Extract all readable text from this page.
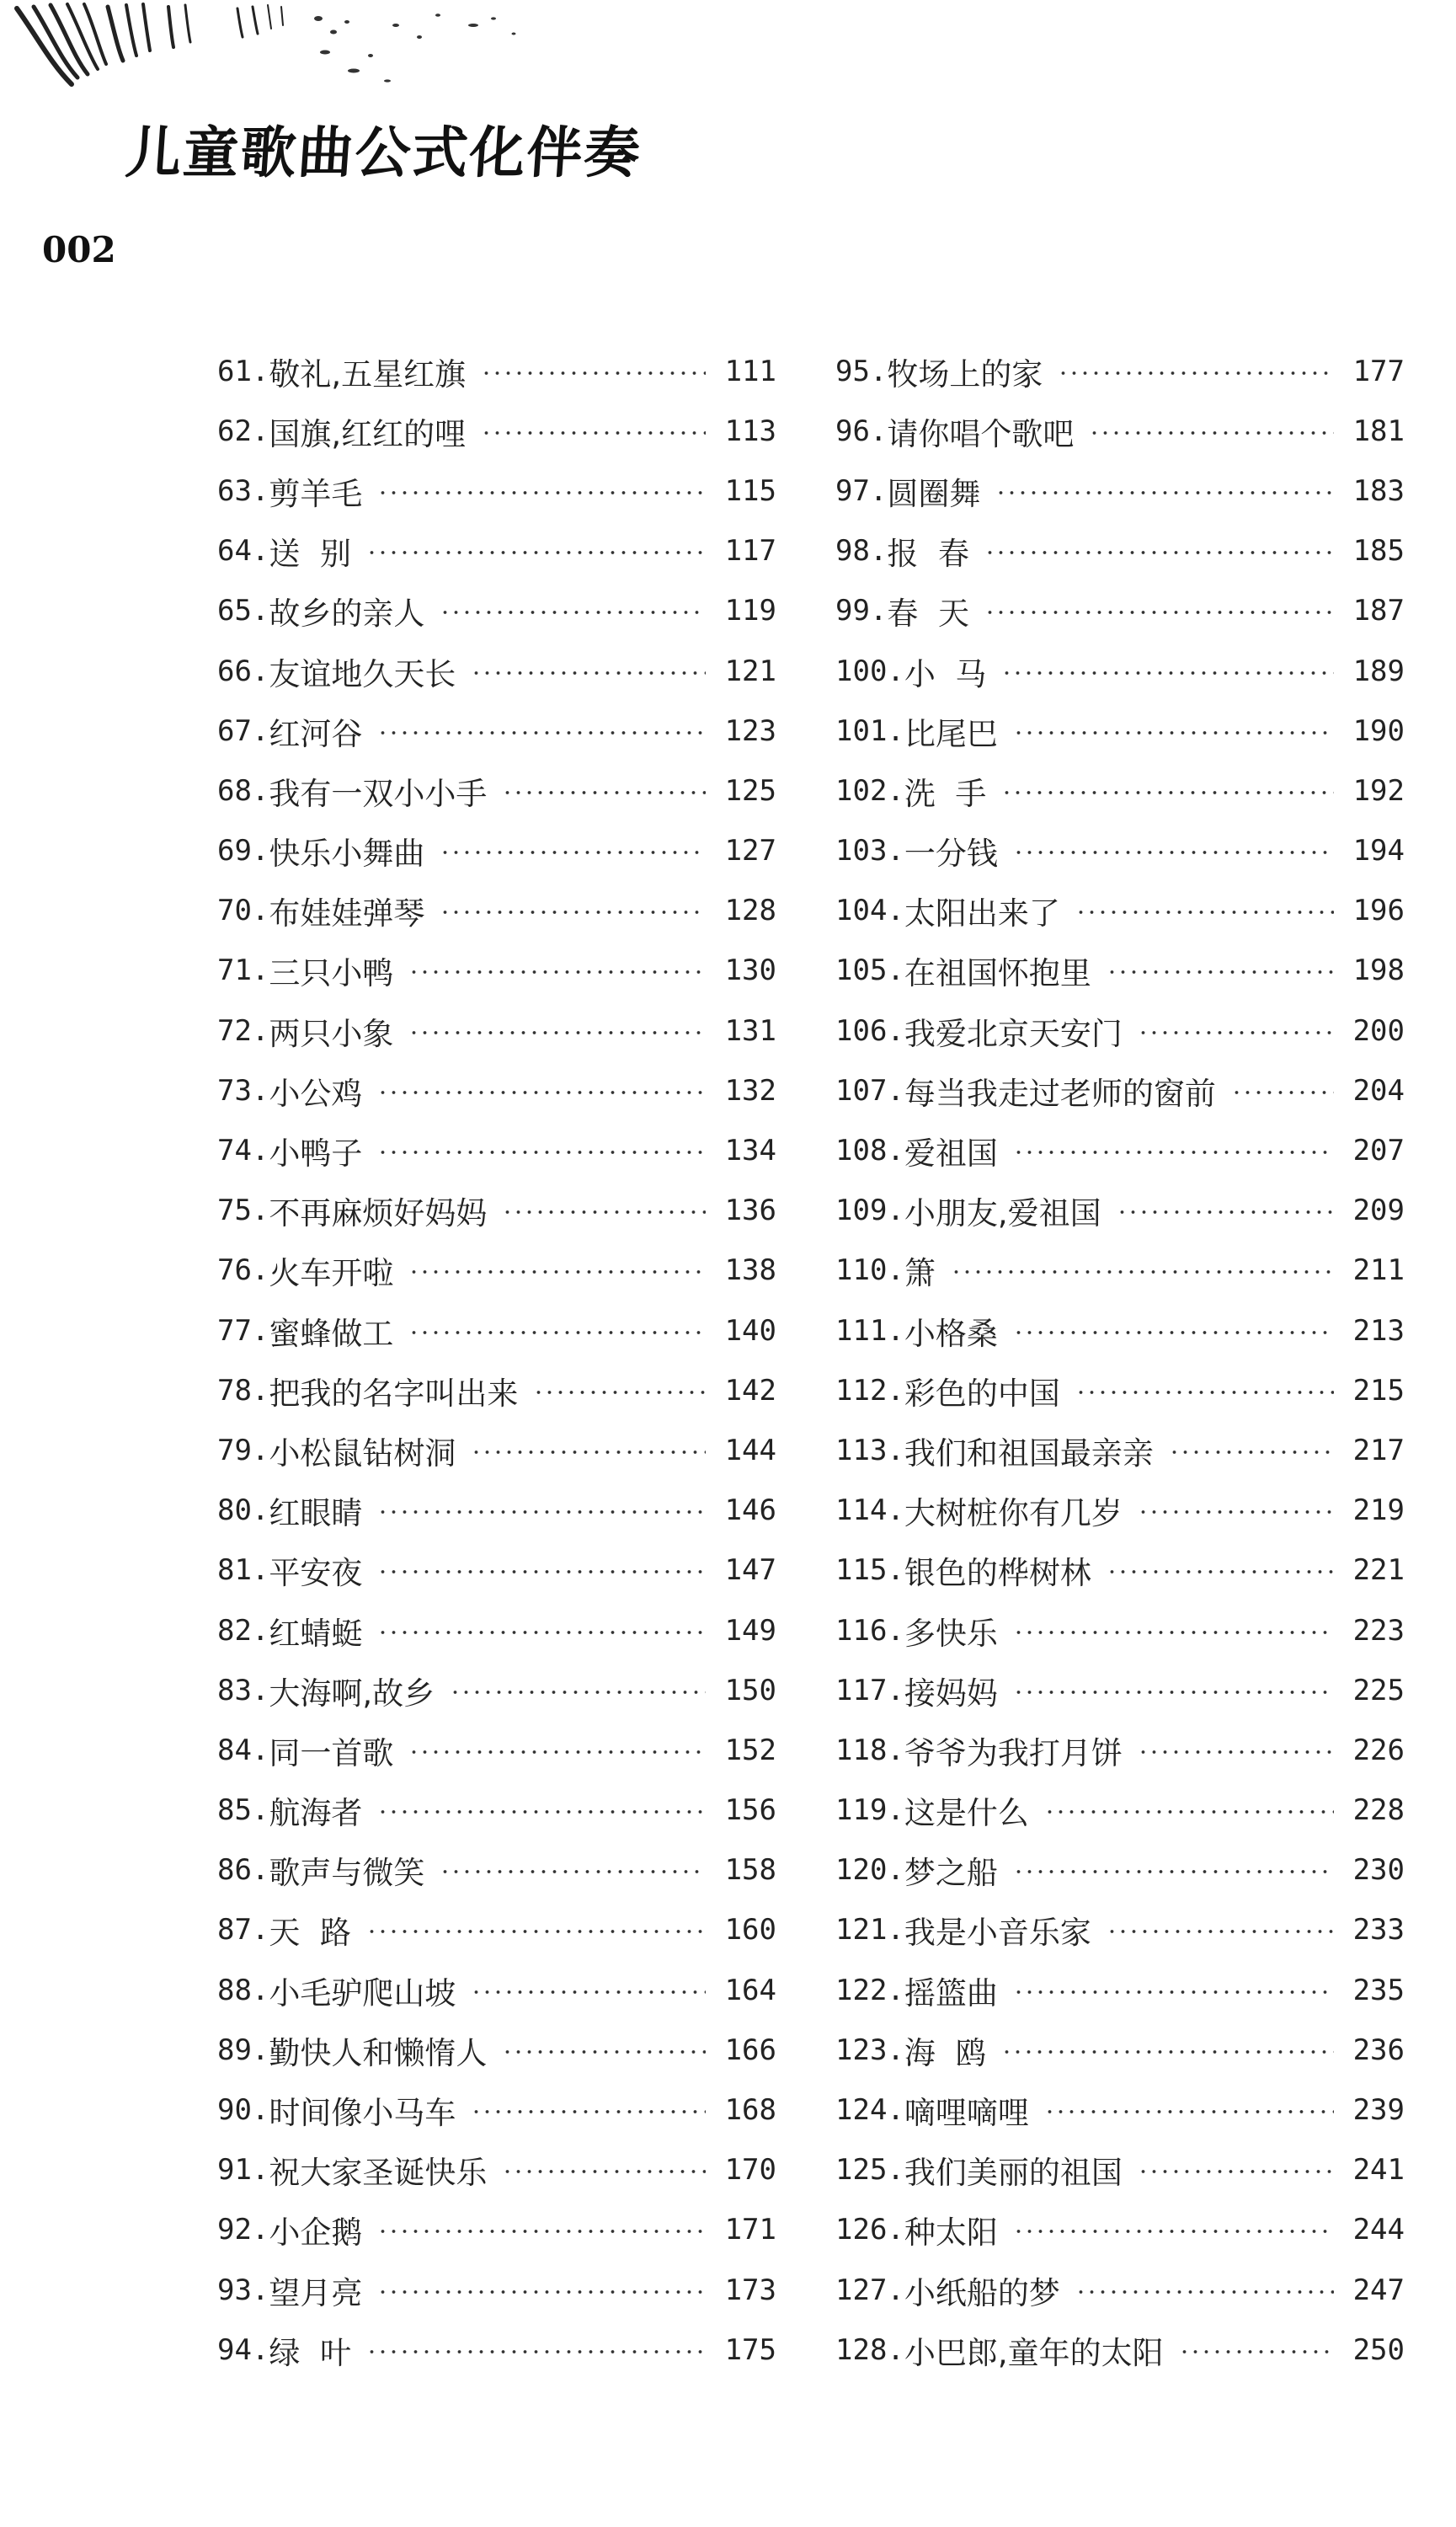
儿童歌曲公式化伴奏
002
61. 敬礼,五星红旗	111
62. 国旗,红红的哩	113
63. 剪羊毛	115
64. 送  别	117
65. 故乡的亲人	119
66. 友谊地久天长	121
67. 红河谷	123
68. 我有一双小小手	125
69. 快乐小舞曲	127
70. 布娃娃弹琴	128
71. 三只小鸭	130
72. 两只小象	131
73. 小公鸡	132
74. 小鸭子	134
75. 不再麻烦好妈妈	136
76. 火车开啦	138
77. 蜜蜂做工	140
78. 把我的名字叫出来	142
79. 小松鼠钻树洞	144
80. 红眼睛	146
81. 平安夜	147
82. 红蜻蜓	149
83. 大海啊,故乡	150
84. 同一首歌	152
85. 航海者	156
86. 歌声与微笑	158
87. 天  路	160
88. 小毛驴爬山坡	164
89. 勤快人和懒惰人	166
90. 时间像小马车	168
91. 祝大家圣诞快乐	170
92. 小企鹅	171
93. 望月亮	173
94. 绿  叶	175
95. 牧场上的家	177
96. 请你唱个歌吧	181
97. 圆圈舞	183
98. 报  春	185
99. 春  天	187
100. 小  马	189
101. 比尾巴	190
102. 洗  手	192
103. 一分钱	194
104. 太阳出来了	196
105. 在祖国怀抱里	198
106. 我爱北京天安门	200
107. 每当我走过老师的窗前	204
108. 爱祖国	207
109. 小朋友,爱祖国	209
110. 箫	211
111. 小格桑	213
112. 彩色的中国	215
113. 我们和祖国最亲亲	217
114. 大树桩你有几岁	219
115. 银色的桦树林	221
116. 多快乐	223
117. 接妈妈	225
118. 爷爷为我打月饼	226
119. 这是什么	228
120. 梦之船	230
121. 我是小音乐家	233
122. 摇篮曲	235
123. 海  鸥	236
124. 嘀哩嘀哩	239
125. 我们美丽的祖国	241
126. 种太阳	244
127. 小纸船的梦	247
128. 小巴郎,童年的太阳	250
